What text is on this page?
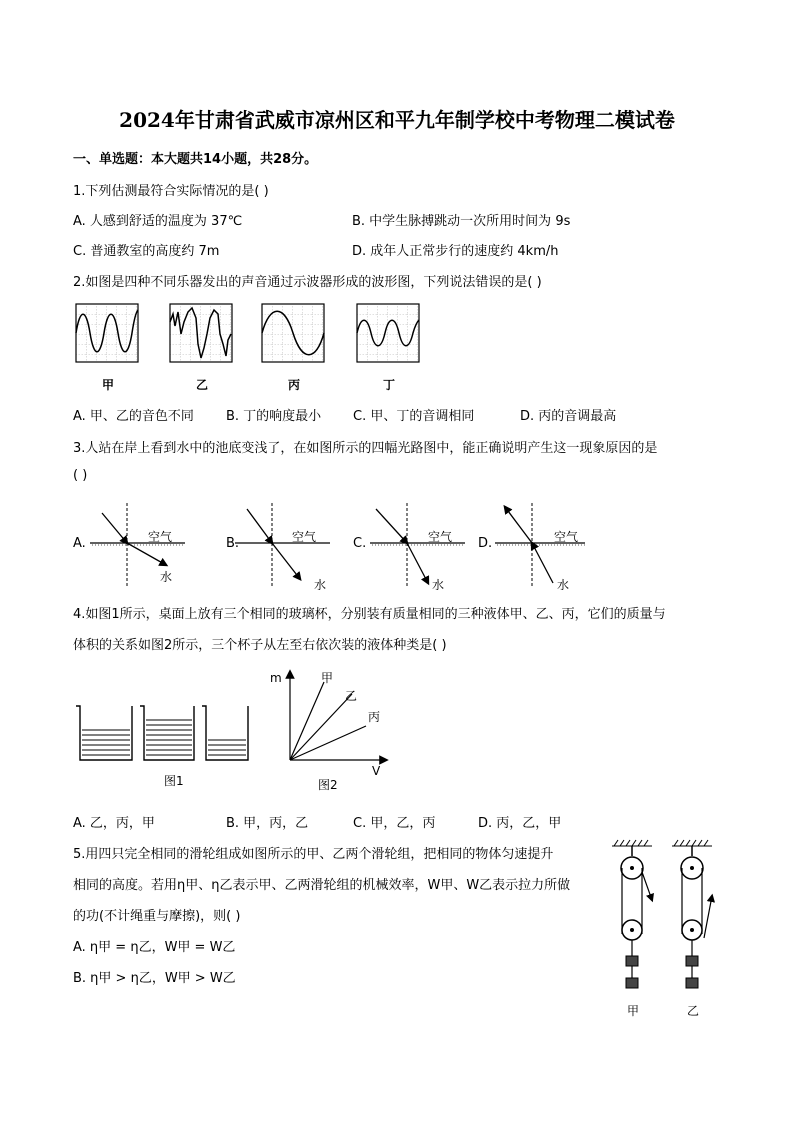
2024年甘肃省武威市凉州区和平九年制学校中考物理二模试卷
一、单选题：本大题共14小题，共28分。
1.下列估测最符合实际情况的是( )
A. 人感到舒适的温度为 37℃	B. 中学生脉搏跳动一次所用时间为 9s
C. 普通教室的高度约 7m	D. 成年人正常步行的速度约 4km/h
2.如图是四种不同乐器发出的声音通过示波器形成的波形图，下列说法错误的是( )
甲	乙	丙	丁
A. 甲、乙的音色不同 B. 丁的响度最小 C. 甲、丁的音调相同	D. 丙的音调最高
3.人站在岸上看到水中的池底变浅了，在如图所示的四幅光路图中，能正确说明产生这一现象原因的是
( )
A.	B.	C.	D.
空气
水
空气
水
空气
水
空气
水
4.如图1所示，桌面上放有三个相同的玻璃杯，分别装有质量相同的三种液体甲、乙、丙，它们的质量与
体积的关系如图2所示，三个杯子从左至右依次装的液体种类是( )
图1
m
V
甲
乙
丙
图2
A. 乙，丙，甲	B. 甲，丙，乙	C. 甲，乙，丙	D. 丙，乙，甲
5.用四只完全相同的滑轮组成如图所示的甲、乙两个滑轮组，把相同的物体匀速提升
相同的高度。若用η甲、η乙表示甲、乙两滑轮组的机械效率，W甲、W乙表示拉力所做
的功(不计绳重与摩擦)，则( )
A. η甲 = η乙，W甲 = W乙
B. η甲 > η乙，W甲 > W乙
甲	乙
